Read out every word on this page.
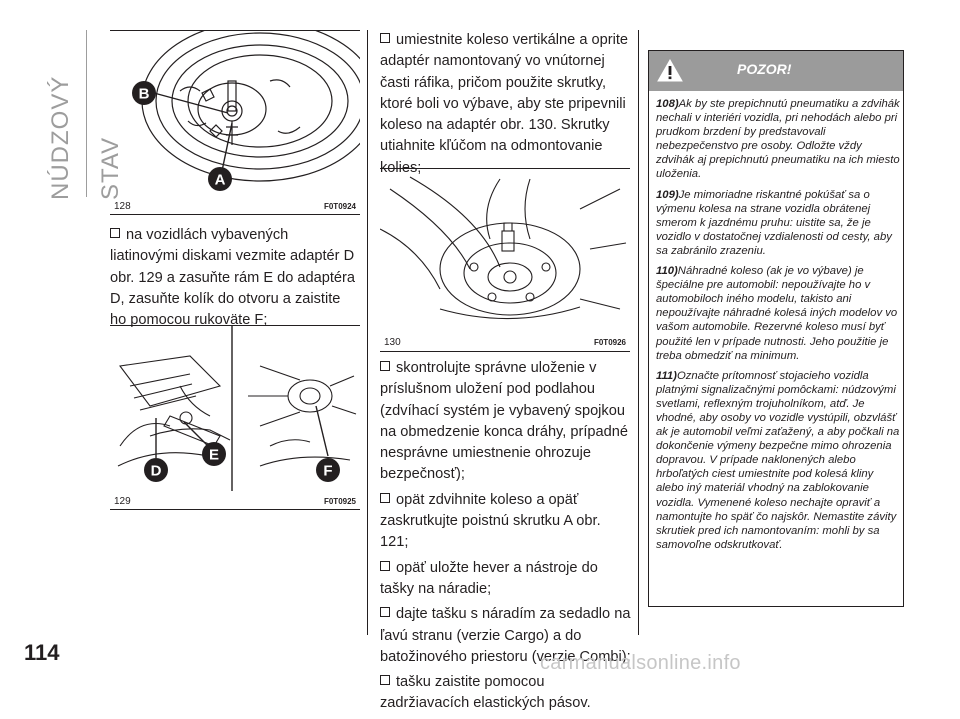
NÚDZOVÝ STAV
114
B
A
128	F0T0924

na vozidlách vybavených liatinovými diskami vezmite adaptér D obr. 129 a zasuňte rám E do adaptéra D, zasuňte kolík do otvoru a zaistite ho pomocou rukoväte F;

E
D	F
129	F0T0925

umiestnite koleso vertikálne a oprite adaptér namontovaný vo vnútornej časti ráfika, pričom použite skrutky, ktoré boli vo výbave, aby ste pripevnili koleso na adaptér obr. 130. Skrutky utiahnite kľúčom na odmontovanie kolies;

130	F0T0926

skontrolujte správne uloženie v príslušnom uložení pod podlahou (zdvíhací systém je vybavený spojkou na obmedzenie konca dráhy, prípadné nesprávne umiestnenie ohrozuje bezpečnosť);

opät zdvihnite koleso a opäť zaskrutkujte poistnú skrutku A obr. 121;

opäť uložte hever a nástroje do tašky na náradie;

dajte tašku s náradím za sedadlo na ľavú stranu (verzie Cargo) a do batožinového priestoru (verzie Combi);

tašku zaistite pomocou zadržiavacích elastických pásov.

POZOR!

108)Ak by ste prepichnutú pneumatiku a zdvihák nechali v interiéri vozidla, pri nehodách alebo pri prudkom brzdení by predstavovali nebezpečenstvo pre osoby. Odložte vždy zdvihák aj prepichnutú pneumatiku na ich miesto uloženia.

109)Je mimoriadne riskantné pokúšať sa o výmenu kolesa na strane vozidla obrátenej smerom k jazdnému pruhu: uistite sa, že je vozidlo v dostatočnej vzdialenosti od cesty, aby sa zabránilo zrazeniu.

110)Náhradné koleso (ak je vo výbave) je špeciálne pre automobil: nepoužívajte ho v automobiloch iného modelu, takisto ani nepoužívajte náhradné kolesá iných modelov vo vašom automobile. Rezervné koleso musí byť použité len v prípade nutnosti. Jeho použitie je treba obmedziť na minimum.

111)Označte prítomnosť stojacieho vozidla platnými signalizačnými pomôckami: núdzovými svetlami, reflexným trojuholníkom, atď. Je vhodné, aby osoby vo vozidle vystúpili, obzvlášť ak je automobil veľmi zaťažený, a aby počkali na dokončenie výmeny bezpečne mimo ohrozenia dopravou. V prípade naklonených alebo hrboľatých ciest umiestnite pod kolesá kliny alebo iný materiál vhodný na zablokovanie vozidla. Vymenené koleso nechajte opraviť a namontujte ho späť čo najskôr. Nemastite závity skrutiek pred ich namontovaním: mohli by sa samovoľne odskrutkovať.

carmanualsonline.info
